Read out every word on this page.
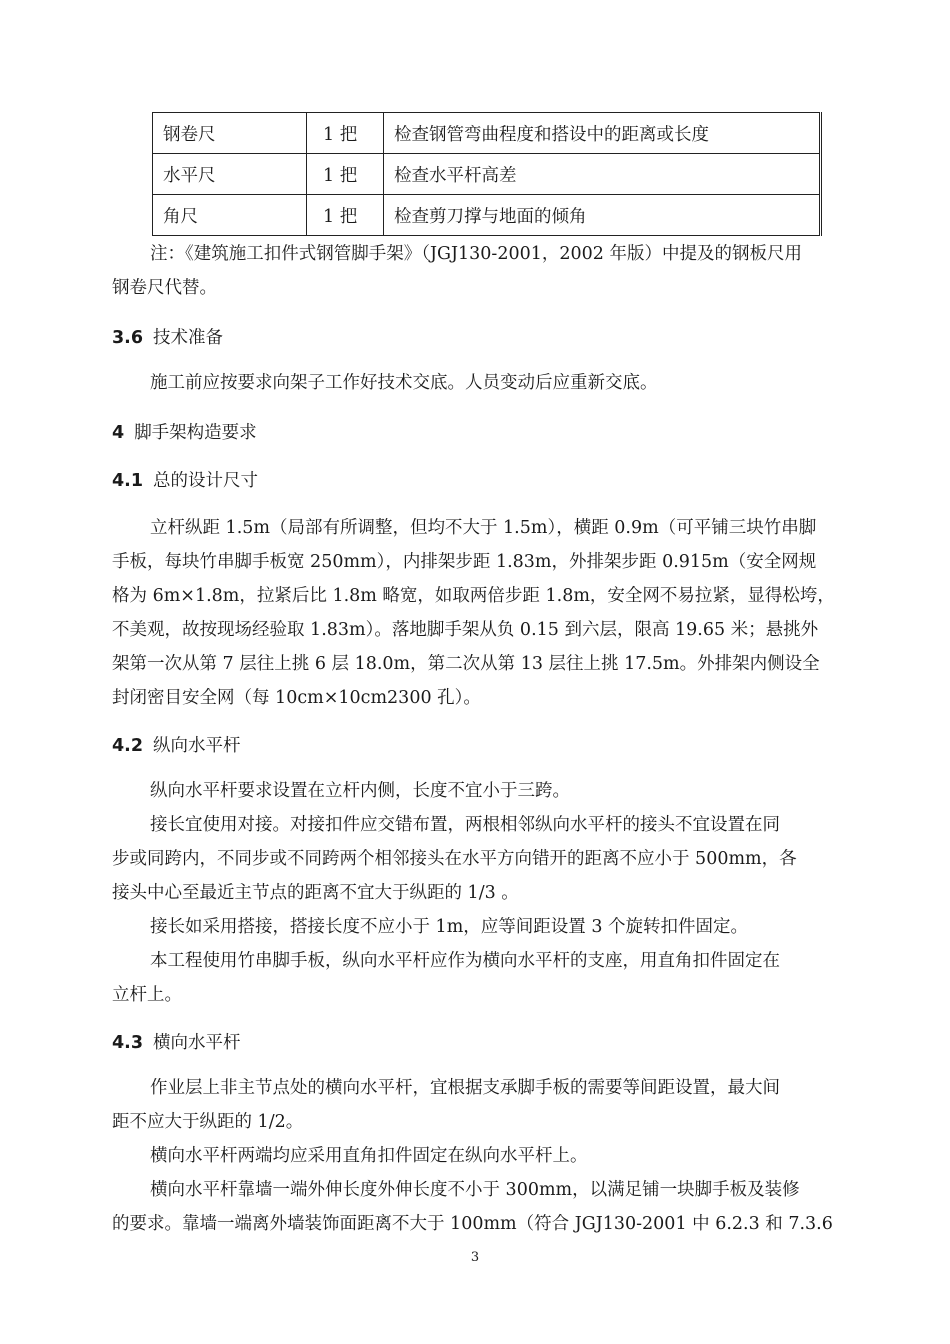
钢卷尺	1 把	检查钢管弯曲程度和搭设中的距离或长度
水平尺	1 把	检查水平杆高差
角尺	1 把	检查剪刀撑与地面的倾角
注：《建筑施工扣件式钢管脚手架》（JGJ130-2001，2002 年版）中提及的钢板尺用
钢卷尺代替。
3.6 技术准备
施工前应按要求向架子工作好技术交底。人员变动后应重新交底。
4 脚手架构造要求
4.1 总的设计尺寸
立杆纵距 1.5m（局部有所调整，但均不大于 1.5m），横距 0.9m（可平铺三块竹串脚
手板，每块竹串脚手板宽 250mm），内排架步距 1.83m，外排架步距 0.915m（安全网规
格为 6m×1.8m，拉紧后比 1.8m 略宽，如取两倍步距 1.8m，安全网不易拉紧，显得松垮，
不美观，故按现场经验取 1.83m）。落地脚手架从负 0.15 到六层，限高 19.65 米；悬挑外
架第一次从第 7 层往上挑 6 层 18.0m，第二次从第 13 层往上挑 17.5m。外排架内侧设全
封闭密目安全网（每 10cm×10cm2300 孔）。
4.2 纵向水平杆
纵向水平杆要求设置在立杆内侧，长度不宜小于三跨。
接长宜使用对接。对接扣件应交错布置，两根相邻纵向水平杆的接头不宜设置在同
步或同跨内，不同步或不同跨两个相邻接头在水平方向错开的距离不应小于 500mm，各
接头中心至最近主节点的距离不宜大于纵距的 1/3 。
接长如采用搭接，搭接长度不应小于 1m，应等间距设置 3 个旋转扣件固定。
本工程使用竹串脚手板，纵向水平杆应作为横向水平杆的支座，用直角扣件固定在
立杆上。
4.3 横向水平杆
作业层上非主节点处的横向水平杆，宜根据支承脚手板的需要等间距设置，最大间
距不应大于纵距的 1/2。
横向水平杆两端均应采用直角扣件固定在纵向水平杆上。
横向水平杆靠墙一端外伸长度外伸长度不小于 300mm，以满足铺一块脚手板及装修
的要求。靠墙一端离外墙装饰面距离不大于 100mm（符合 JGJ130-2001 中 6.2.3 和 7.3.6
3
